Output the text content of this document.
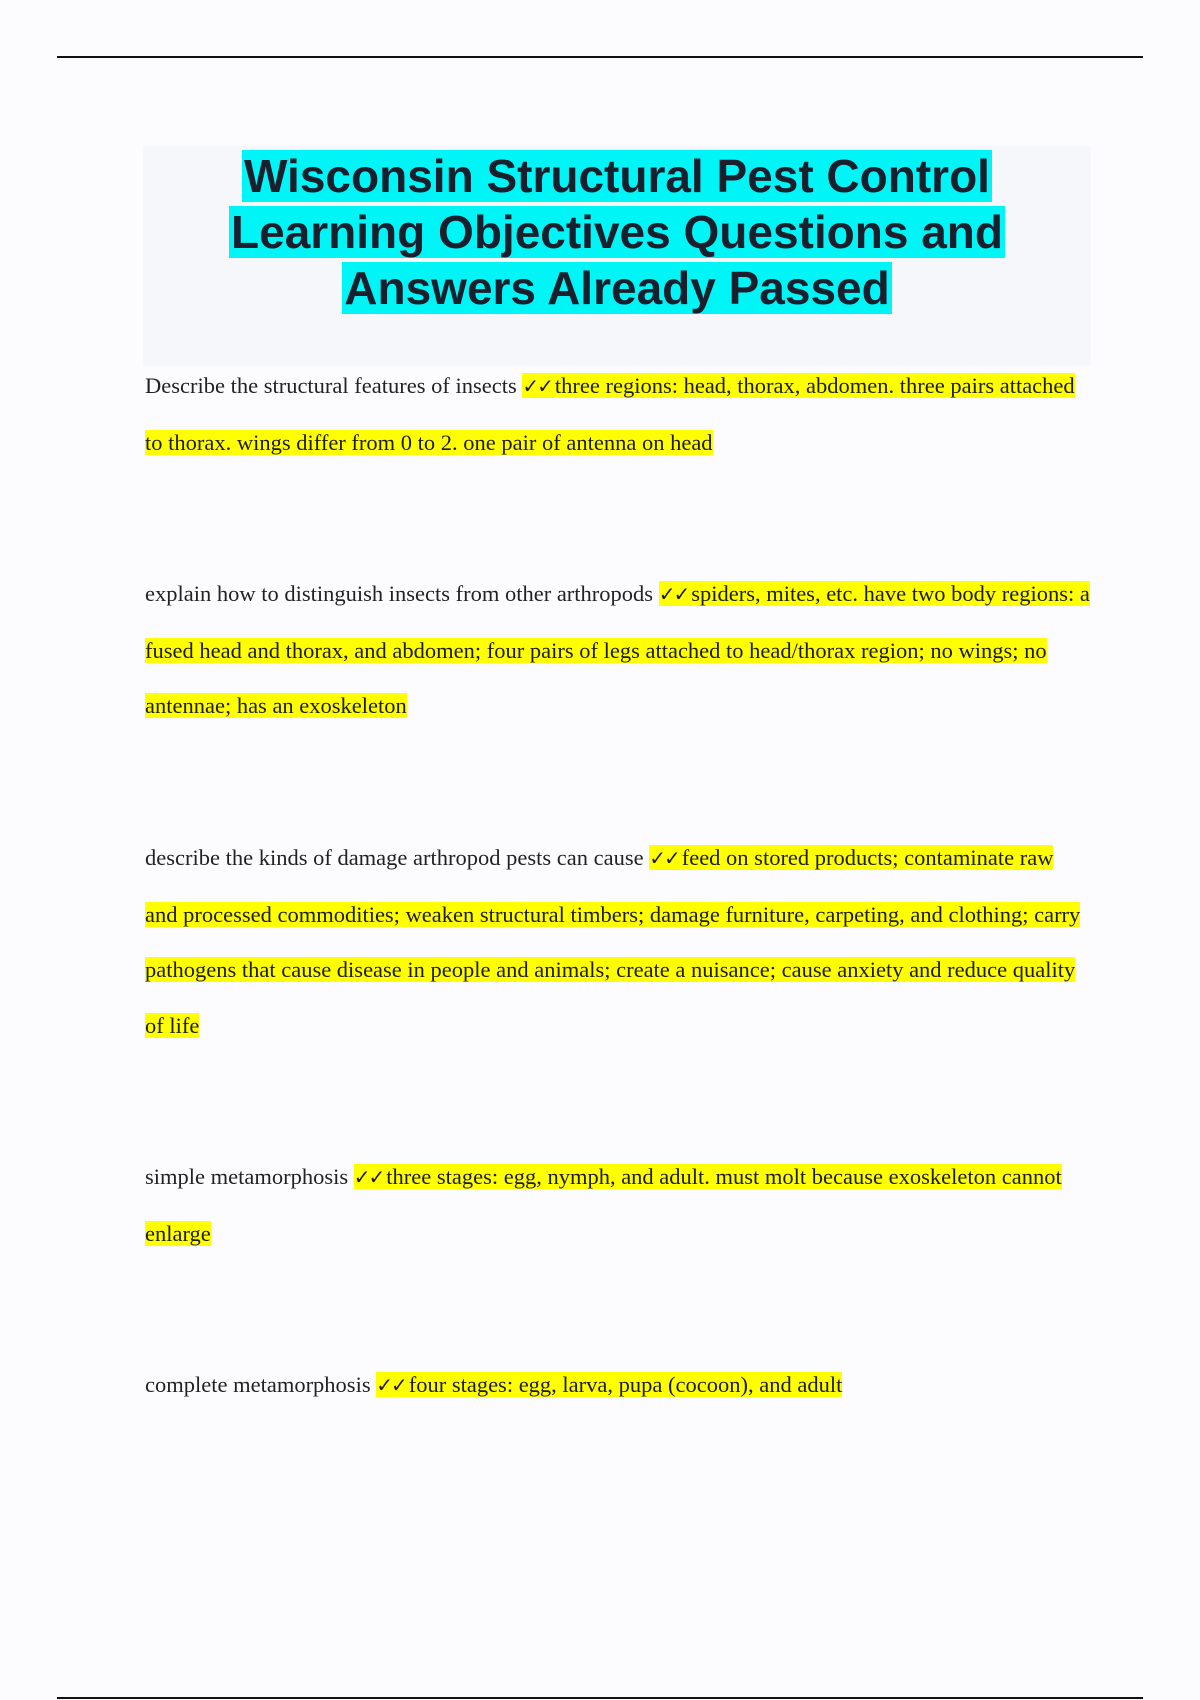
Wisconsin Structural Pest Control
Learning Objectives Questions and
Answers Already Passed
Describe the structural features of insects ✓✓ three regions: head, thorax, abdomen. three pairs attached to thorax. wings differ from 0 to 2. one pair of antenna on head
explain how to distinguish insects from other arthropods ✓✓ spiders, mites, etc. have two body regions: a fused head and thorax, and abdomen; four pairs of legs attached to head/thorax region; no wings; no antennae; has an exoskeleton
describe the kinds of damage arthropod pests can cause ✓✓ feed on stored products; contaminate raw and processed commodities; weaken structural timbers; damage furniture, carpeting, and clothing; carry pathogens that cause disease in people and animals; create a nuisance; cause anxiety and reduce quality of life
simple metamorphosis ✓✓ three stages: egg, nymph, and adult. must molt because exoskeleton cannot enlarge
complete metamorphosis ✓✓ four stages: egg, larva, pupa (cocoon), and adult
